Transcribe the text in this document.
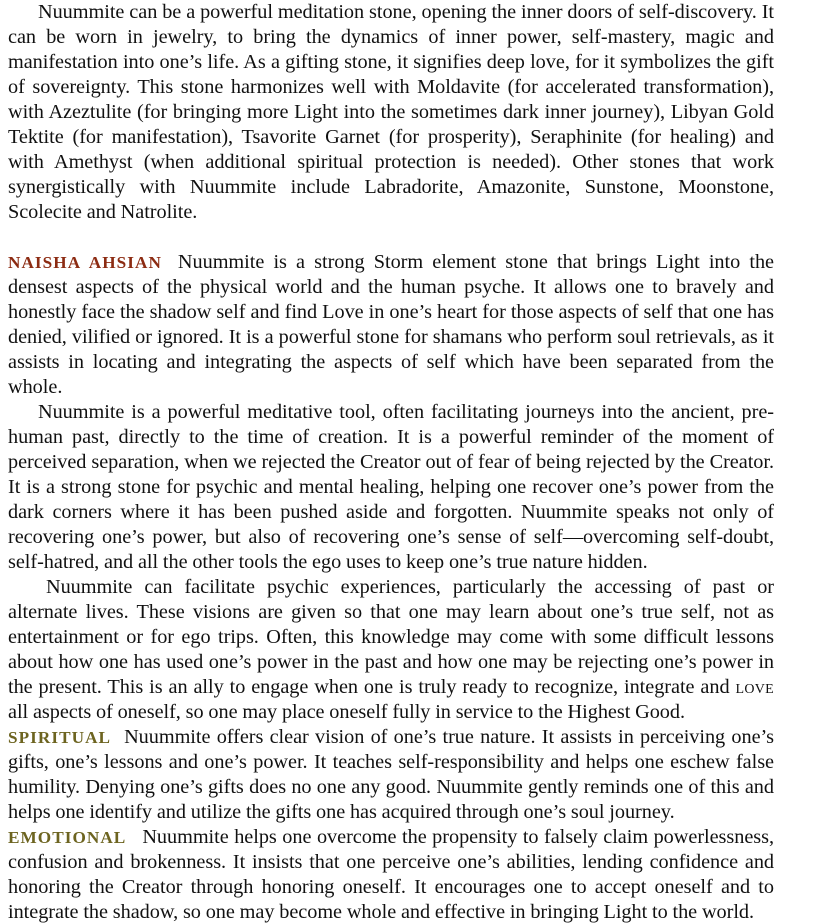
Nuummite can be a powerful meditation stone, opening the inner doors of self-discovery. It can be worn in jewelry, to bring the dynamics of inner power, self-mastery, magic and manifestation into one’s life. As a gifting stone, it signifies deep love, for it symbolizes the gift of sovereignty. This stone harmonizes well with Moldavite (for accelerated transformation), with Azeztulite (for bringing more Light into the sometimes dark inner journey), Libyan Gold Tektite (for manifestation), Tsavorite Garnet (for prosperity), Seraphinite (for healing) and with Amethyst (when additional spiritual protection is needed). Other stones that work synergistically with Nuummite include Labradorite, Amazonite, Sunstone, Moonstone, Scolecite and Natrolite.

NAISHA AHSIAN Nuummite is a strong Storm element stone that brings Light into the densest aspects of the physical world and the human psyche. It allows one to bravely and honestly face the shadow self and find Love in one’s heart for those aspects of self that one has denied, vilified or ignored. It is a powerful stone for shamans who perform soul retrievals, as it assists in locating and integrating the aspects of self which have been separated from the whole.

Nuummite is a powerful meditative tool, often facilitating journeys into the ancient, pre-human past, directly to the time of creation. It is a powerful reminder of the moment of perceived separation, when we rejected the Creator out of fear of being rejected by the Creator. It is a strong stone for psychic and mental healing, helping one recover one’s power from the dark corners where it has been pushed aside and forgotten. Nuummite speaks not only of recovering one’s power, but also of recovering one’s sense of self—overcoming self-doubt, self-hatred, and all the other tools the ego uses to keep one’s true nature hidden.

Nuummite can facilitate psychic experiences, particularly the accessing of past or alternate lives. These visions are given so that one may learn about one’s true self, not as entertainment or for ego trips. Often, this knowledge may come with some difficult lessons about how one has used one’s power in the past and how one may be rejecting one’s power in the present. This is an ally to engage when one is truly ready to recognize, integrate and love all aspects of oneself, so one may place oneself fully in service to the Highest Good.

SPIRITUAL Nuummite offers clear vision of one’s true nature. It assists in perceiving one’s gifts, one’s lessons and one’s power. It teaches self-responsibility and helps one eschew false humility. Denying one’s gifts does no one any good. Nuummite gently reminds one of this and helps one identify and utilize the gifts one has acquired through one’s soul journey.

EMOTIONAL Nuummite helps one overcome the propensity to falsely claim powerlessness, confusion and brokenness. It insists that one perceive one’s abilities, lending confidence and honoring the Creator through honoring oneself. It encourages one to accept oneself and to integrate the shadow, so one may become whole and effective in bringing Light to the world.
